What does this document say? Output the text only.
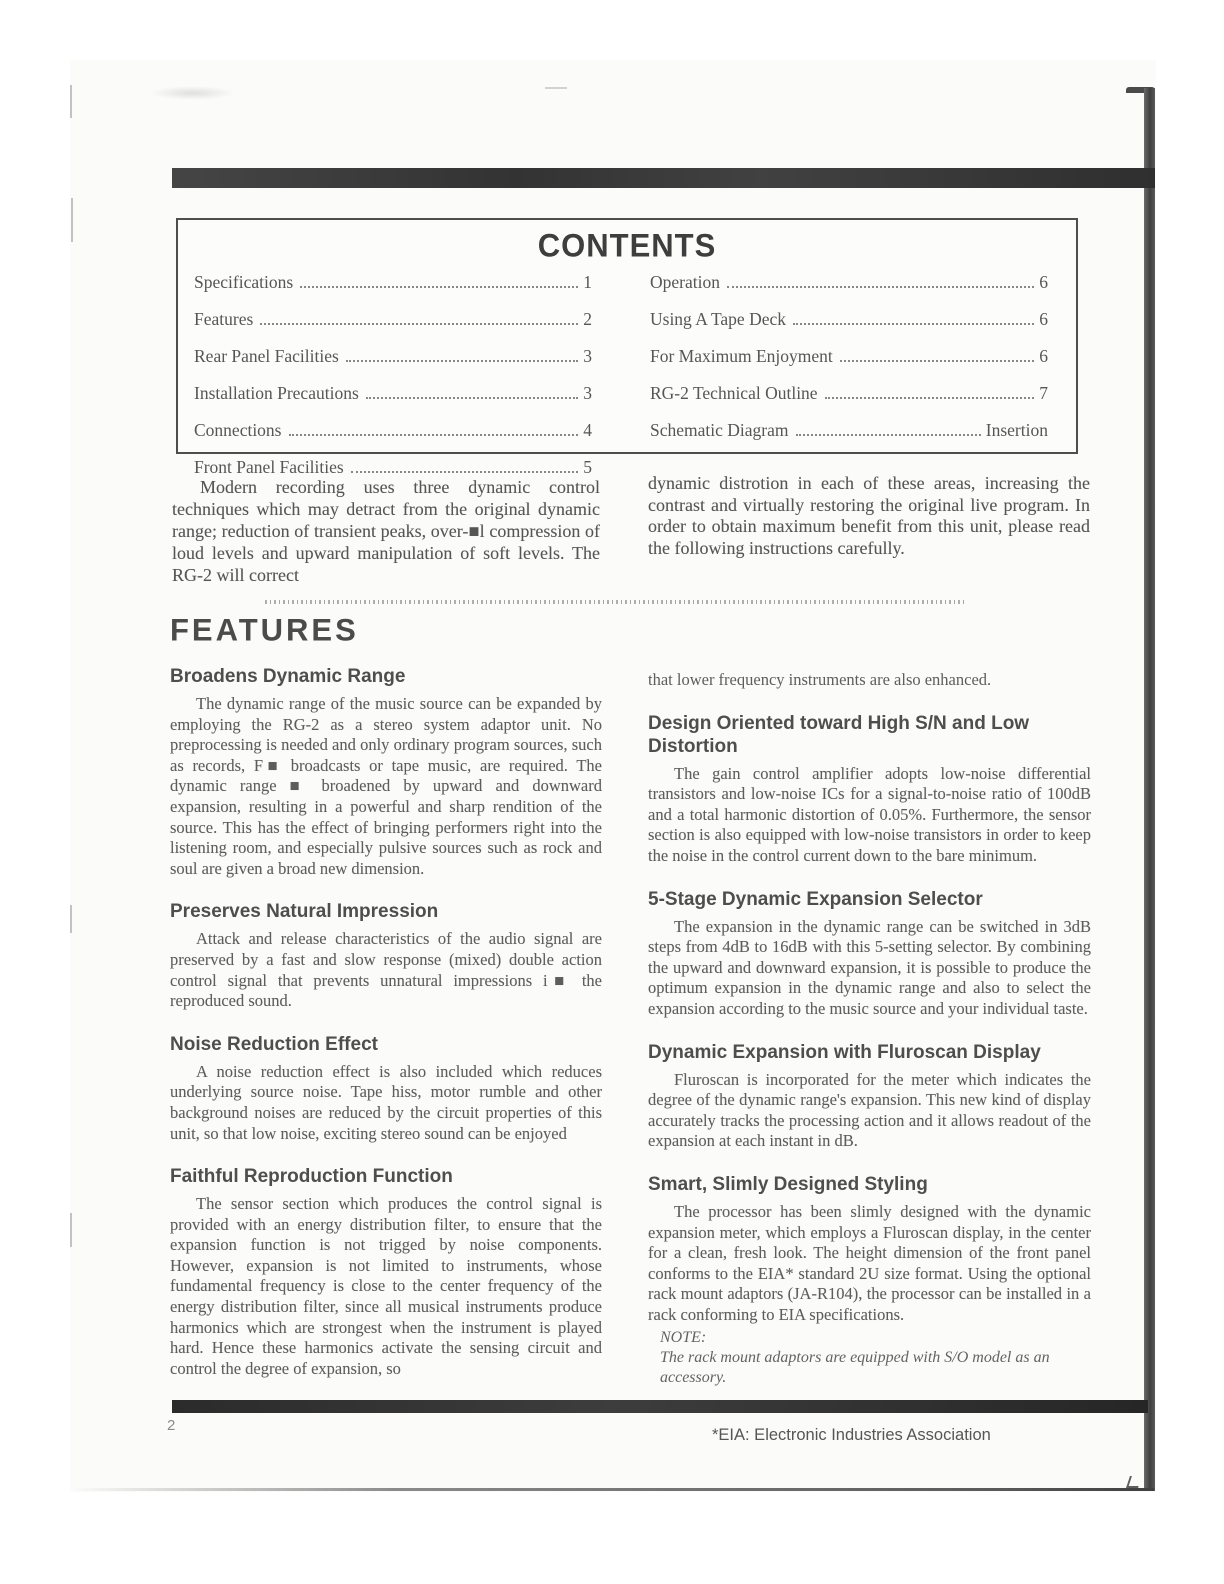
CONTENTS
Specifications	1
Features	2
Rear Panel Facilities	3
Installation Precautions	3
Connections	4
Front Panel Facilities	5
Operation	6
Using A Tape Deck	6
For Maximum Enjoyment	6
RG-2 Technical Outline	7
Schematic Diagram	Insertion

Modern recording uses three dynamic control techniques which may detract from the original dynamic range; reduction of transient peaks, over-■l compression of loud levels and upward manipulation of soft levels. The RG-2 will correct

dynamic distrotion in each of these areas, increasing the contrast and virtually restoring the original live program. In order to obtain maximum benefit from this unit, please read the following instructions carefully.

FEATURES
Broadens Dynamic Range

The dynamic range of the music source can be expanded by employing the RG-2 as a stereo system adaptor unit. No preprocessing is needed and only ordinary program sources, such as records, F■ broadcasts or tape music, are required. The dynamic range ■ broadened by upward and downward expansion, resulting in a powerful and sharp rendition of the source. This has the effect of bringing performers right into the listening room, and especially pulsive sources such as rock and soul are given a broad new dimension.

Preserves Natural Impression

Attack and release characteristics of the audio signal are preserved by a fast and slow response (mixed) double action control signal that prevents unnatural impressions i■ the reproduced sound.

Noise Reduction Effect

A noise reduction effect is also included which reduces underlying source noise. Tape hiss, motor rumble and other background noises are reduced by the circuit properties of this unit, so that low noise, exciting stereo sound can be enjoyed

Faithful Reproduction Function

The sensor section which produces the control signal is provided with an energy distribution filter, to ensure that the expansion function is not trigged by noise components. However, expansion is not limited to instruments, whose fundamental frequency is close to the center frequency of the energy distribution filter, since all musical instruments produce harmonics which are strongest when the instrument is played hard. Hence these harmonics activate the sensing circuit and control the degree of expansion, so

that lower frequency instruments are also enhanced.

Design Oriented toward High S/N and Low Distortion

The gain control amplifier adopts low-noise differential transistors and low-noise ICs for a signal-to-noise ratio of 100dB and a total harmonic distortion of 0.05%. Furthermore, the sensor section is also equipped with low-noise transistors in order to keep the noise in the control current down to the bare minimum.

5-Stage Dynamic Expansion Selector

The expansion in the dynamic range can be switched in 3dB steps from 4dB to 16dB with this 5-setting selector. By combining the upward and downward expansion, it is possible to produce the optimum expansion in the dynamic range and also to select the expansion according to the music source and your individual taste.

Dynamic Expansion with Fluroscan Display

Fluroscan is incorporated for the meter which indicates the degree of the dynamic range's expansion. This new kind of display accurately tracks the processing action and it allows readout of the expansion at each instant in dB.

Smart, Slimly Designed Styling

The processor has been slimly designed with the dynamic expansion meter, which employs a Fluroscan display, in the center for a clean, fresh look. The height dimension of the front panel conforms to the EIA* standard 2U size format. Using the optional rack mount adaptors (JA-R104), the processor can be installed in a rack conforming to EIA specifications.

NOTE:

The rack mount adaptors are equipped with S/O model as an accessory.

2
*EIA: Electronic Industries Association
